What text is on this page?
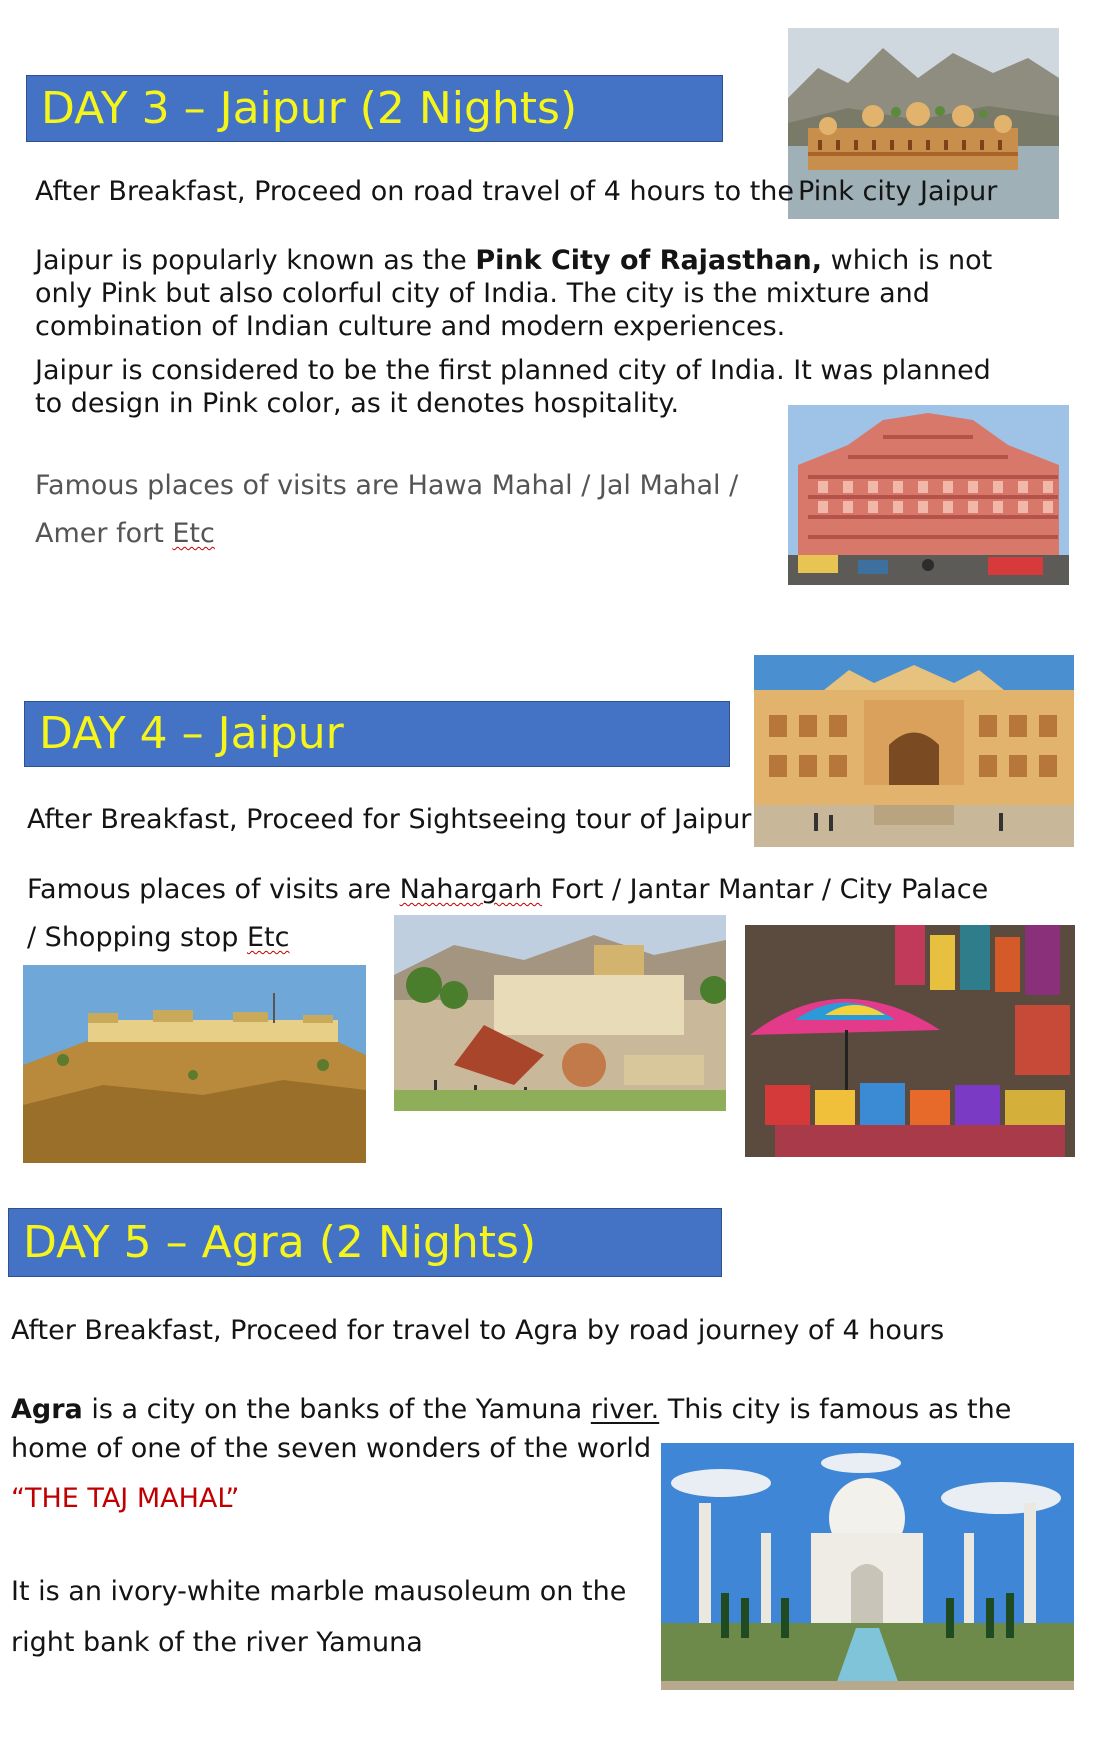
DAY 3 – Jaipur (2 Nights)
After Breakfast, Proceed on road travel of 4 hours to the Pink city Jaipur
Jaipur is popularly known as the Pink City of Rajasthan, which is not
only Pink but also colorful city of India. The city is the mixture and
combination of Indian culture and modern experiences.
Jaipur is considered to be the first planned city of India. It was planned
to design in Pink color, as it denotes hospitality.
Famous places of visits are Hawa Mahal / Jal Mahal /
Amer fort Etc
DAY 4 – Jaipur
After Breakfast, Proceed for Sightseeing tour of Jaipur
Famous places of visits are Nahargarh Fort / Jantar Mantar / City Palace
/ Shopping stop Etc
DAY 5 – Agra (2 Nights)
After Breakfast, Proceed for travel to Agra by road journey of 4 hours
Agra is a city on the banks of the Yamuna river. This city is famous as the
home of one of the seven wonders of the world
“THE TAJ MAHAL”
It is an ivory-white marble mausoleum on the
right bank of the river Yamuna
